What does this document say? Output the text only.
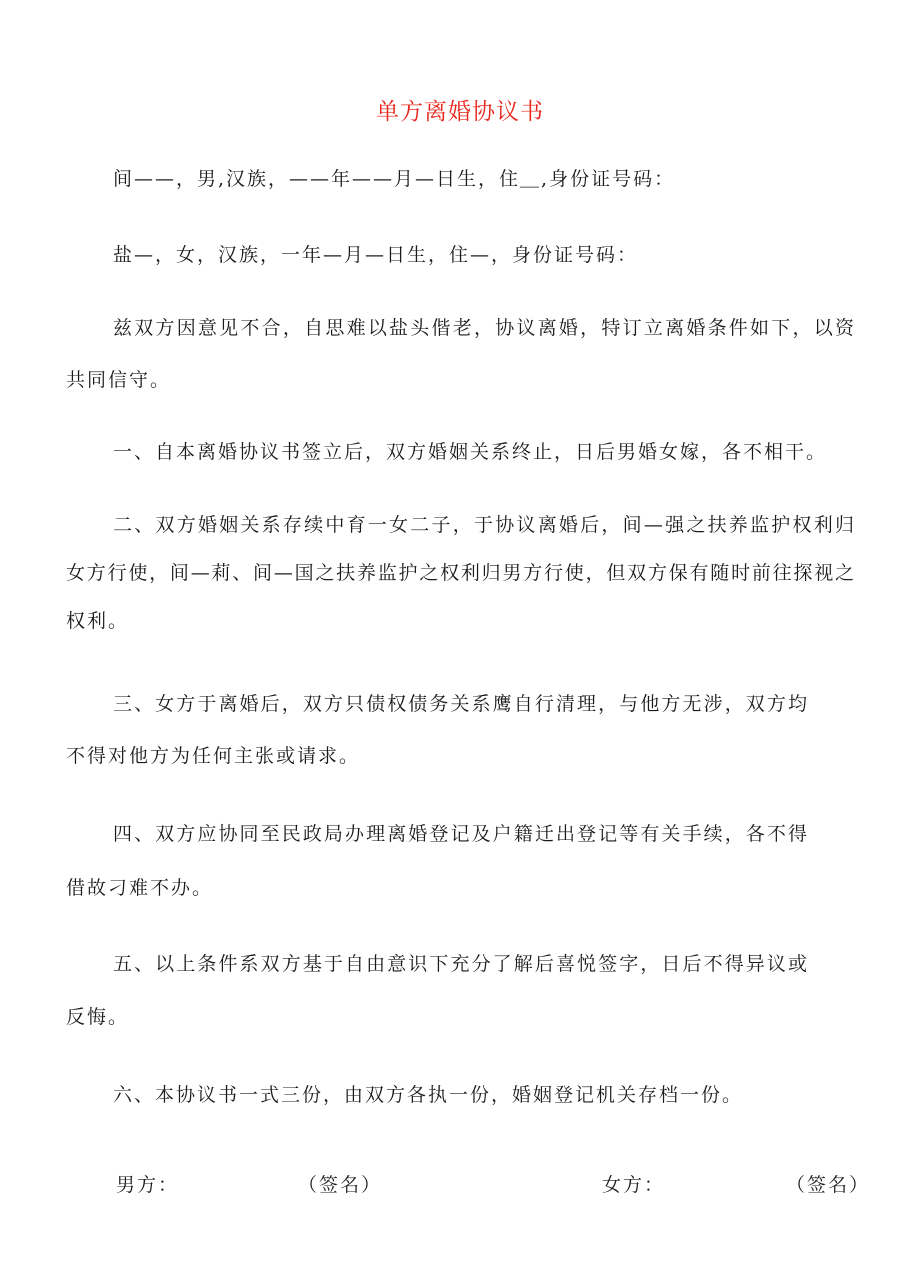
单方离婚协议书
间——，男,汉族，——年——月—日生，住＿,身份证号码：
盐—，女，汉族，一年—月—日生，住—，身份证号码：
兹双方因意见不合，自思难以盐头偕老，协议离婚，特订立离婚条件如下，以资
共同信守。
一、自本离婚协议书签立后，双方婚姻关系终止，日后男婚女嫁，各不相干。
二、双方婚姻关系存续中育一女二子，于协议离婚后，间—强之扶养监护权利归
女方行使，间—莉、间—国之扶养监护之权利归男方行使，但双方保有随时前往探视之
权利。
三、女方于离婚后，双方只债权债务关系鹰自行清理，与他方无涉，双方均
不得对他方为任何主张或请求。
四、双方应协同至民政局办理离婚登记及户籍迁出登记等有关手续，各不得
借故刁难不办。
五、以上条件系双方基于自由意识下充分了解后喜悦签字，日后不得异议或
反悔。
六、本协议书一式三份，由双方各执一份，婚姻登记机关存档一份。
男方：	（签名）	女方：	（签名）
